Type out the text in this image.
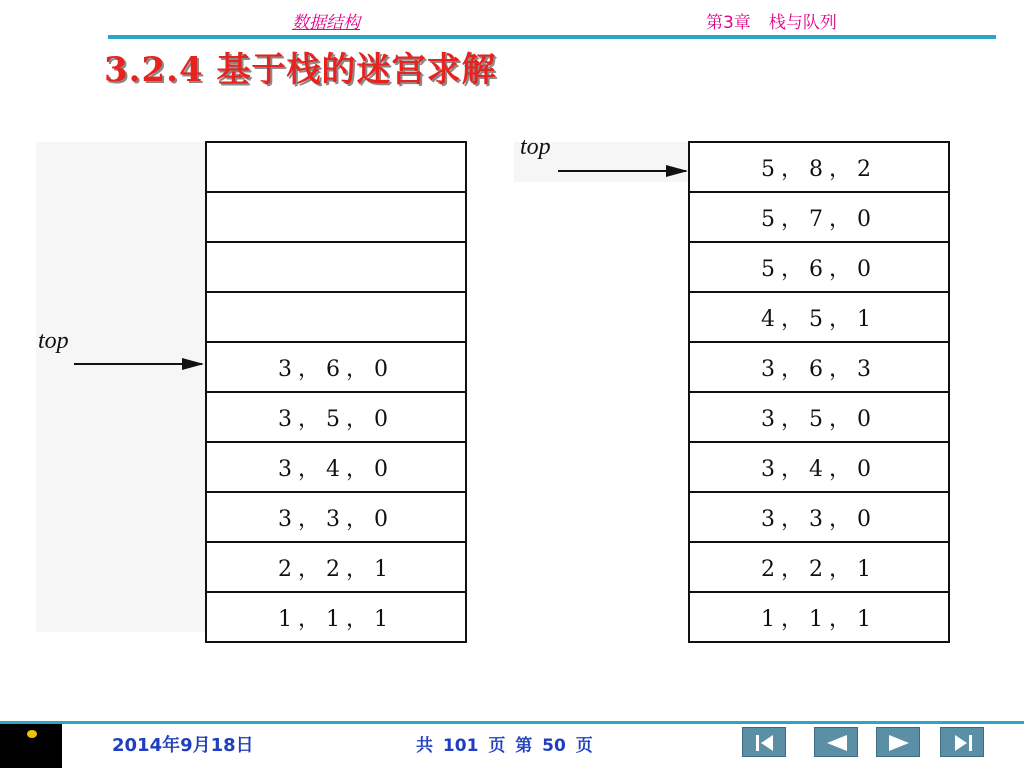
数据结构	第3章 栈与队列
3.2.4 基于栈的迷宫求解
3，6，0
3，5，0
3，4，0
3，3，0
2，2，1
1，1，1
top
5，8，2
5，7，0
5，6，0
4，5，1
3，6，3
3，5，0
3，4，0
3，3，0
2，2，1
1，1，1
top
2014年9月18日	共 101 页 第 50 页
